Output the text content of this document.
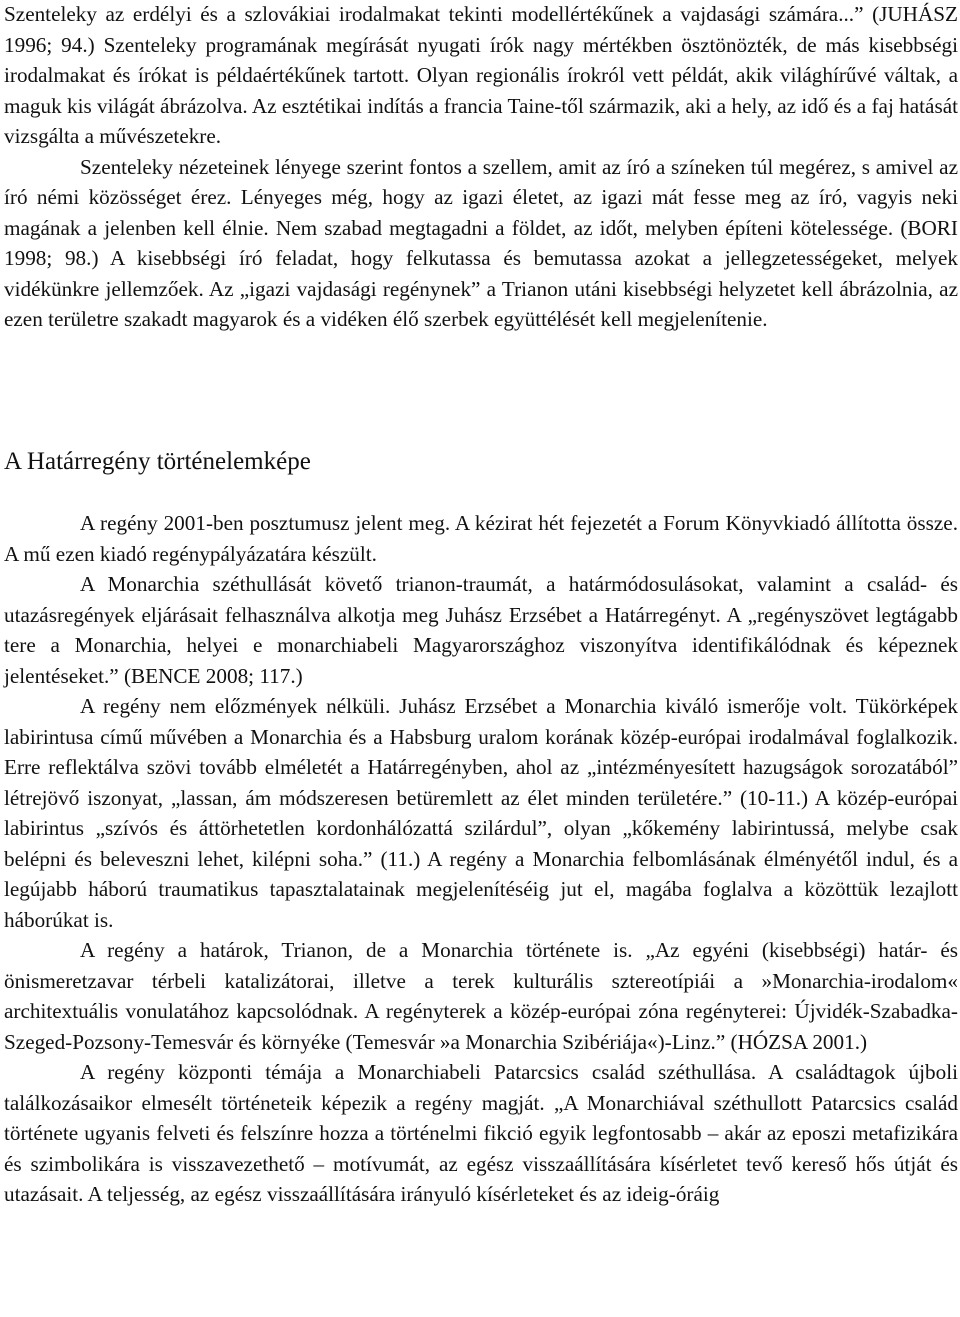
Szenteleky az erdélyi és a szlovákiai irodalmakat tekinti modellértékűnek a vajdasági számára...” (JUHÁSZ 1996; 94.) Szenteleky programának megírását nyugati írók nagy mértékben ösztönözték, de más kisebbségi irodalmakat és írókat is példaértékűnek tartott. Olyan regionális írokról vett példát, akik világhírűvé váltak, a maguk kis világát ábrázolva. Az esztétikai indítás a francia Taine-től származik, aki a hely, az idő és a faj hatását vizsgálta a művészetekre.

Szenteleky nézeteinek lényege szerint fontos a szellem, amit az író a színeken túl megérez, s amivel az író némi közösséget érez. Lényeges még, hogy az igazi életet, az igazi mát fesse meg az író, vagyis neki magának a jelenben kell élnie. Nem szabad megtagadni a földet, az időt, melyben építeni kötelessége. (BORI 1998; 98.) A kisebbségi író feladat, hogy felkutassa és bemutassa azokat a jellegzetességeket, melyek vidékünkre jellemzőek. Az „igazi vajdasági regénynek” a Trianon utáni kisebbségi helyzetet kell ábrázolnia, az ezen területre szakadt magyarok és a vidéken élő szerbek együttélését kell megjelenítenie.

A Határregény történelemképe

A regény 2001-ben posztumusz jelent meg. A kézirat hét fejezetét a Forum Könyvkiadó állította össze. A mű ezen kiadó regénypályázatára készült.

A Monarchia széthullását követő trianon-traumát, a határmódosulásokat, valamint a család- és utazásregények eljárásait felhasználva alkotja meg Juhász Erzsébet a Határregényt. A „regényszövet legtágabb tere a Monarchia, helyei e monarchiabeli Magyarországhoz viszonyítva identifikálódnak és képeznek jelentéseket.” (BENCE 2008; 117.)

A regény nem előzmények nélküli. Juhász Erzsébet a Monarchia kiváló ismerője volt. Tükörképek labirintusa című művében a Monarchia és a Habsburg uralom korának közép-európai irodalmával foglalkozik. Erre reflektálva szövi tovább elméletét a Határregényben, ahol az „intézményesített hazugságok sorozatából” létrejövő iszonyat, „lassan, ám módszeresen betüremlett az élet minden területére.” (10-11.) A közép-európai labirintus „szívós és áttörhetetlen kordonhálózattá szilárdul”, olyan „kőkemény labirintussá, melybe csak belépni és beleveszni lehet, kilépni soha.” (11.) A regény a Monarchia felbomlásának élményétől indul, és a legújabb háború traumatikus tapasztalatainak megjelenítéséig jut el, magába foglalva a közöttük lezajlott háborúkat is.

A regény a határok, Trianon, de a Monarchia története is. „Az egyéni (kisebbségi) határ- és önismeretzavar térbeli katalizátorai, illetve a terek kulturális sztereotípiái a »Monarchia-irodalom« architextuális vonulatához kapcsolódnak. A regényterek a közép-európai zóna regényterei: Újvidék-Szabadka-Szeged-Pozsony-Temesvár és környéke (Temesvár »a Monarchia Szibériája«)-Linz.” (HÓZSA 2001.)

A regény központi témája a Monarchiabeli Patarcsics család széthullása. A családtagok újboli találkozásaikor elmesélt történeteik képezik a regény magját. „A Monarchiával széthullott Patarcsics család története ugyanis felveti és felszínre hozza a történelmi fikció egyik legfontosabb – akár az eposzi metafizikára és szimbolikára is visszavezethető – motívumát, az egész visszaállítására kísérletet tevő kereső hős útját és utazásait. A teljesség, az egész visszaállítására irányuló kísérleteket és az ideig-óráig
